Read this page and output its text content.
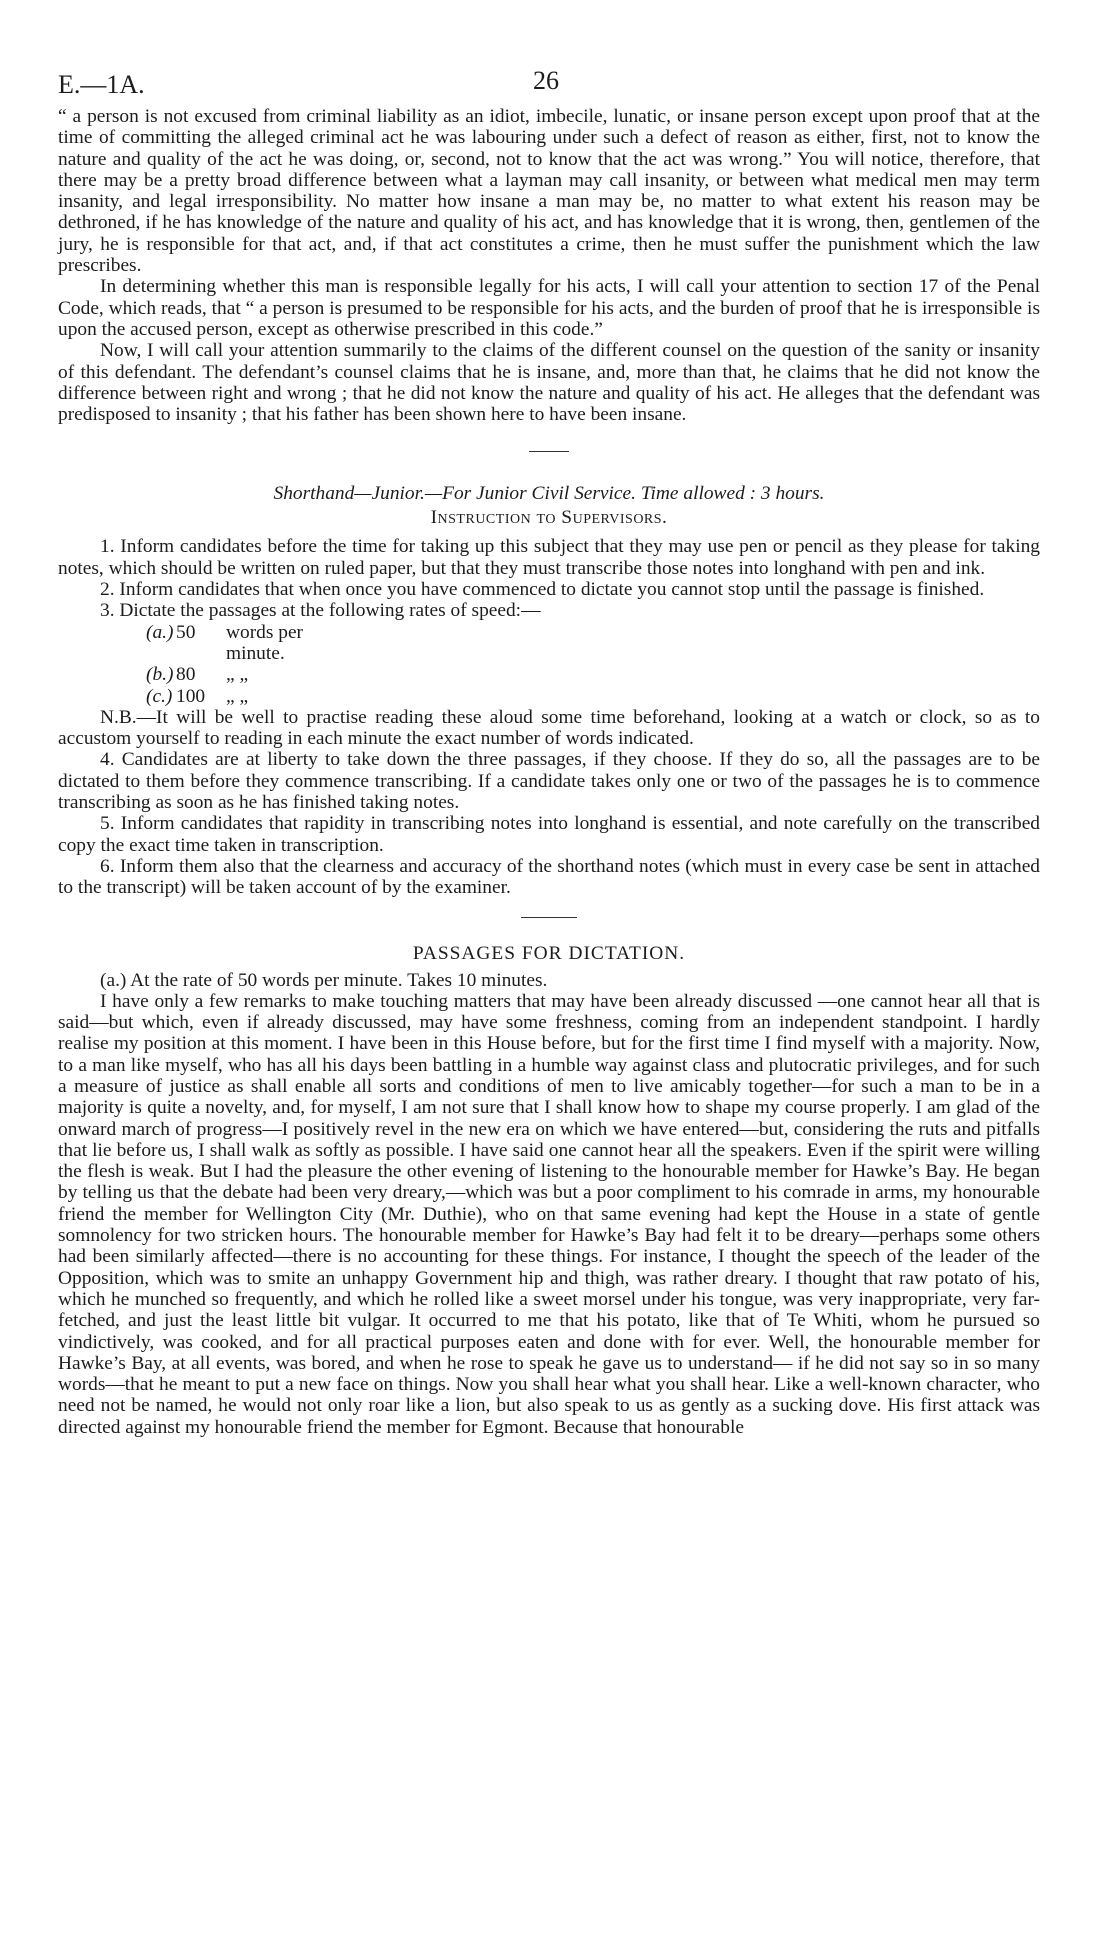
E.—1A.	26

“ a person is not excused from criminal liability as an idiot, imbecile, lunatic, or insane person except upon proof that at the time of committing the alleged criminal act he was labouring under such a defect of reason as either, first, not to know the nature and quality of the act he was doing, or, second, not to know that the act was wrong.” You will notice, therefore, that there may be a pretty broad difference between what a layman may call insanity, or between what medical men may term insanity, and legal irresponsibility. No matter how insane a man may be, no matter to what extent his reason may be dethroned, if he has knowledge of the nature and quality of his act, and has knowledge that it is wrong, then, gentlemen of the jury, he is responsible for that act, and, if that act constitutes a crime, then he must suffer the punishment which the law prescribes.

In determining whether this man is responsible legally for his acts, I will call your attention to section 17 of the Penal Code, which reads, that “ a person is presumed to be responsible for his acts, and the burden of proof that he is irresponsible is upon the accused person, except as otherwise prescribed in this code.”

Now, I will call your attention summarily to the claims of the different counsel on the question of the sanity or insanity of this defendant. The defendant’s counsel claims that he is insane, and, more than that, he claims that he did not know the difference between right and wrong ; that he did not know the nature and quality of his act. He alleges that the defendant was predisposed to insanity ; that his father has been shown here to have been insane.

Shorthand—Junior.—For Junior Civil Service. Time allowed : 3 hours.
Instruction to Supervisors.

1. Inform candidates before the time for taking up this subject that they may use pen or pencil as they please for taking notes, which should be written on ruled paper, but that they must transcribe those notes into longhand with pen and ink.

2. Inform candidates that when once you have commenced to dictate you cannot stop until the passage is finished.

3. Dictate the passages at the following rates of speed:—

(a.) 50	words per minute.
(b.) 80	„ „
(c.) 100	„ „

N.B.—It will be well to practise reading these aloud some time beforehand, looking at a watch or clock, so as to accustom yourself to reading in each minute the exact number of words indicated.

4. Candidates are at liberty to take down the three passages, if they choose. If they do so, all the passages are to be dictated to them before they commence transcribing. If a candidate takes only one or two of the passages he is to commence transcribing as soon as he has finished taking notes.

5. Inform candidates that rapidity in transcribing notes into longhand is essential, and note carefully on the transcribed copy the exact time taken in transcription.

6. Inform them also that the clearness and accuracy of the shorthand notes (which must in every case be sent in attached to the transcript) will be taken account of by the examiner.

PASSAGES FOR DICTATION.

(a.) At the rate of 50 words per minute. Takes 10 minutes.

I have only a few remarks to make touching matters that may have been already discussed —one cannot hear all that is said—but which, even if already discussed, may have some freshness, coming from an independent standpoint. I hardly realise my position at this moment. I have been in this House before, but for the first time I find myself with a majority. Now, to a man like myself, who has all his days been battling in a humble way against class and plutocratic privileges, and for such a measure of justice as shall enable all sorts and conditions of men to live amicably together—for such a man to be in a majority is quite a novelty, and, for myself, I am not sure that I shall know how to shape my course properly. I am glad of the onward march of progress—I positively revel in the new era on which we have entered—but, considering the ruts and pitfalls that lie before us, I shall walk as softly as possible. I have said one cannot hear all the speakers. Even if the spirit were willing the flesh is weak. But I had the pleasure the other evening of listening to the honourable member for Hawke’s Bay. He began by telling us that the debate had been very dreary,—which was but a poor compliment to his comrade in arms, my honourable friend the member for Wellington City (Mr. Duthie), who on that same evening had kept the House in a state of gentle somnolency for two stricken hours. The honourable member for Hawke’s Bay had felt it to be dreary—perhaps some others had been similarly affected—there is no accounting for these things. For instance, I thought the speech of the leader of the Opposition, which was to smite an unhappy Government hip and thigh, was rather dreary. I thought that raw potato of his, which he munched so frequently, and which he rolled like a sweet morsel under his tongue, was very inappropriate, very far-fetched, and just the least little bit vulgar. It occurred to me that his potato, like that of Te Whiti, whom he pursued so vindictively, was cooked, and for all practical purposes eaten and done with for ever. Well, the honourable member for Hawke’s Bay, at all events, was bored, and when he rose to speak he gave us to understand— if he did not say so in so many words—that he meant to put a new face on things. Now you shall hear what you shall hear. Like a well-known character, who need not be named, he would not only roar like a lion, but also speak to us as gently as a sucking dove. His first attack was directed against my honourable friend the member for Egmont. Because that honourable
